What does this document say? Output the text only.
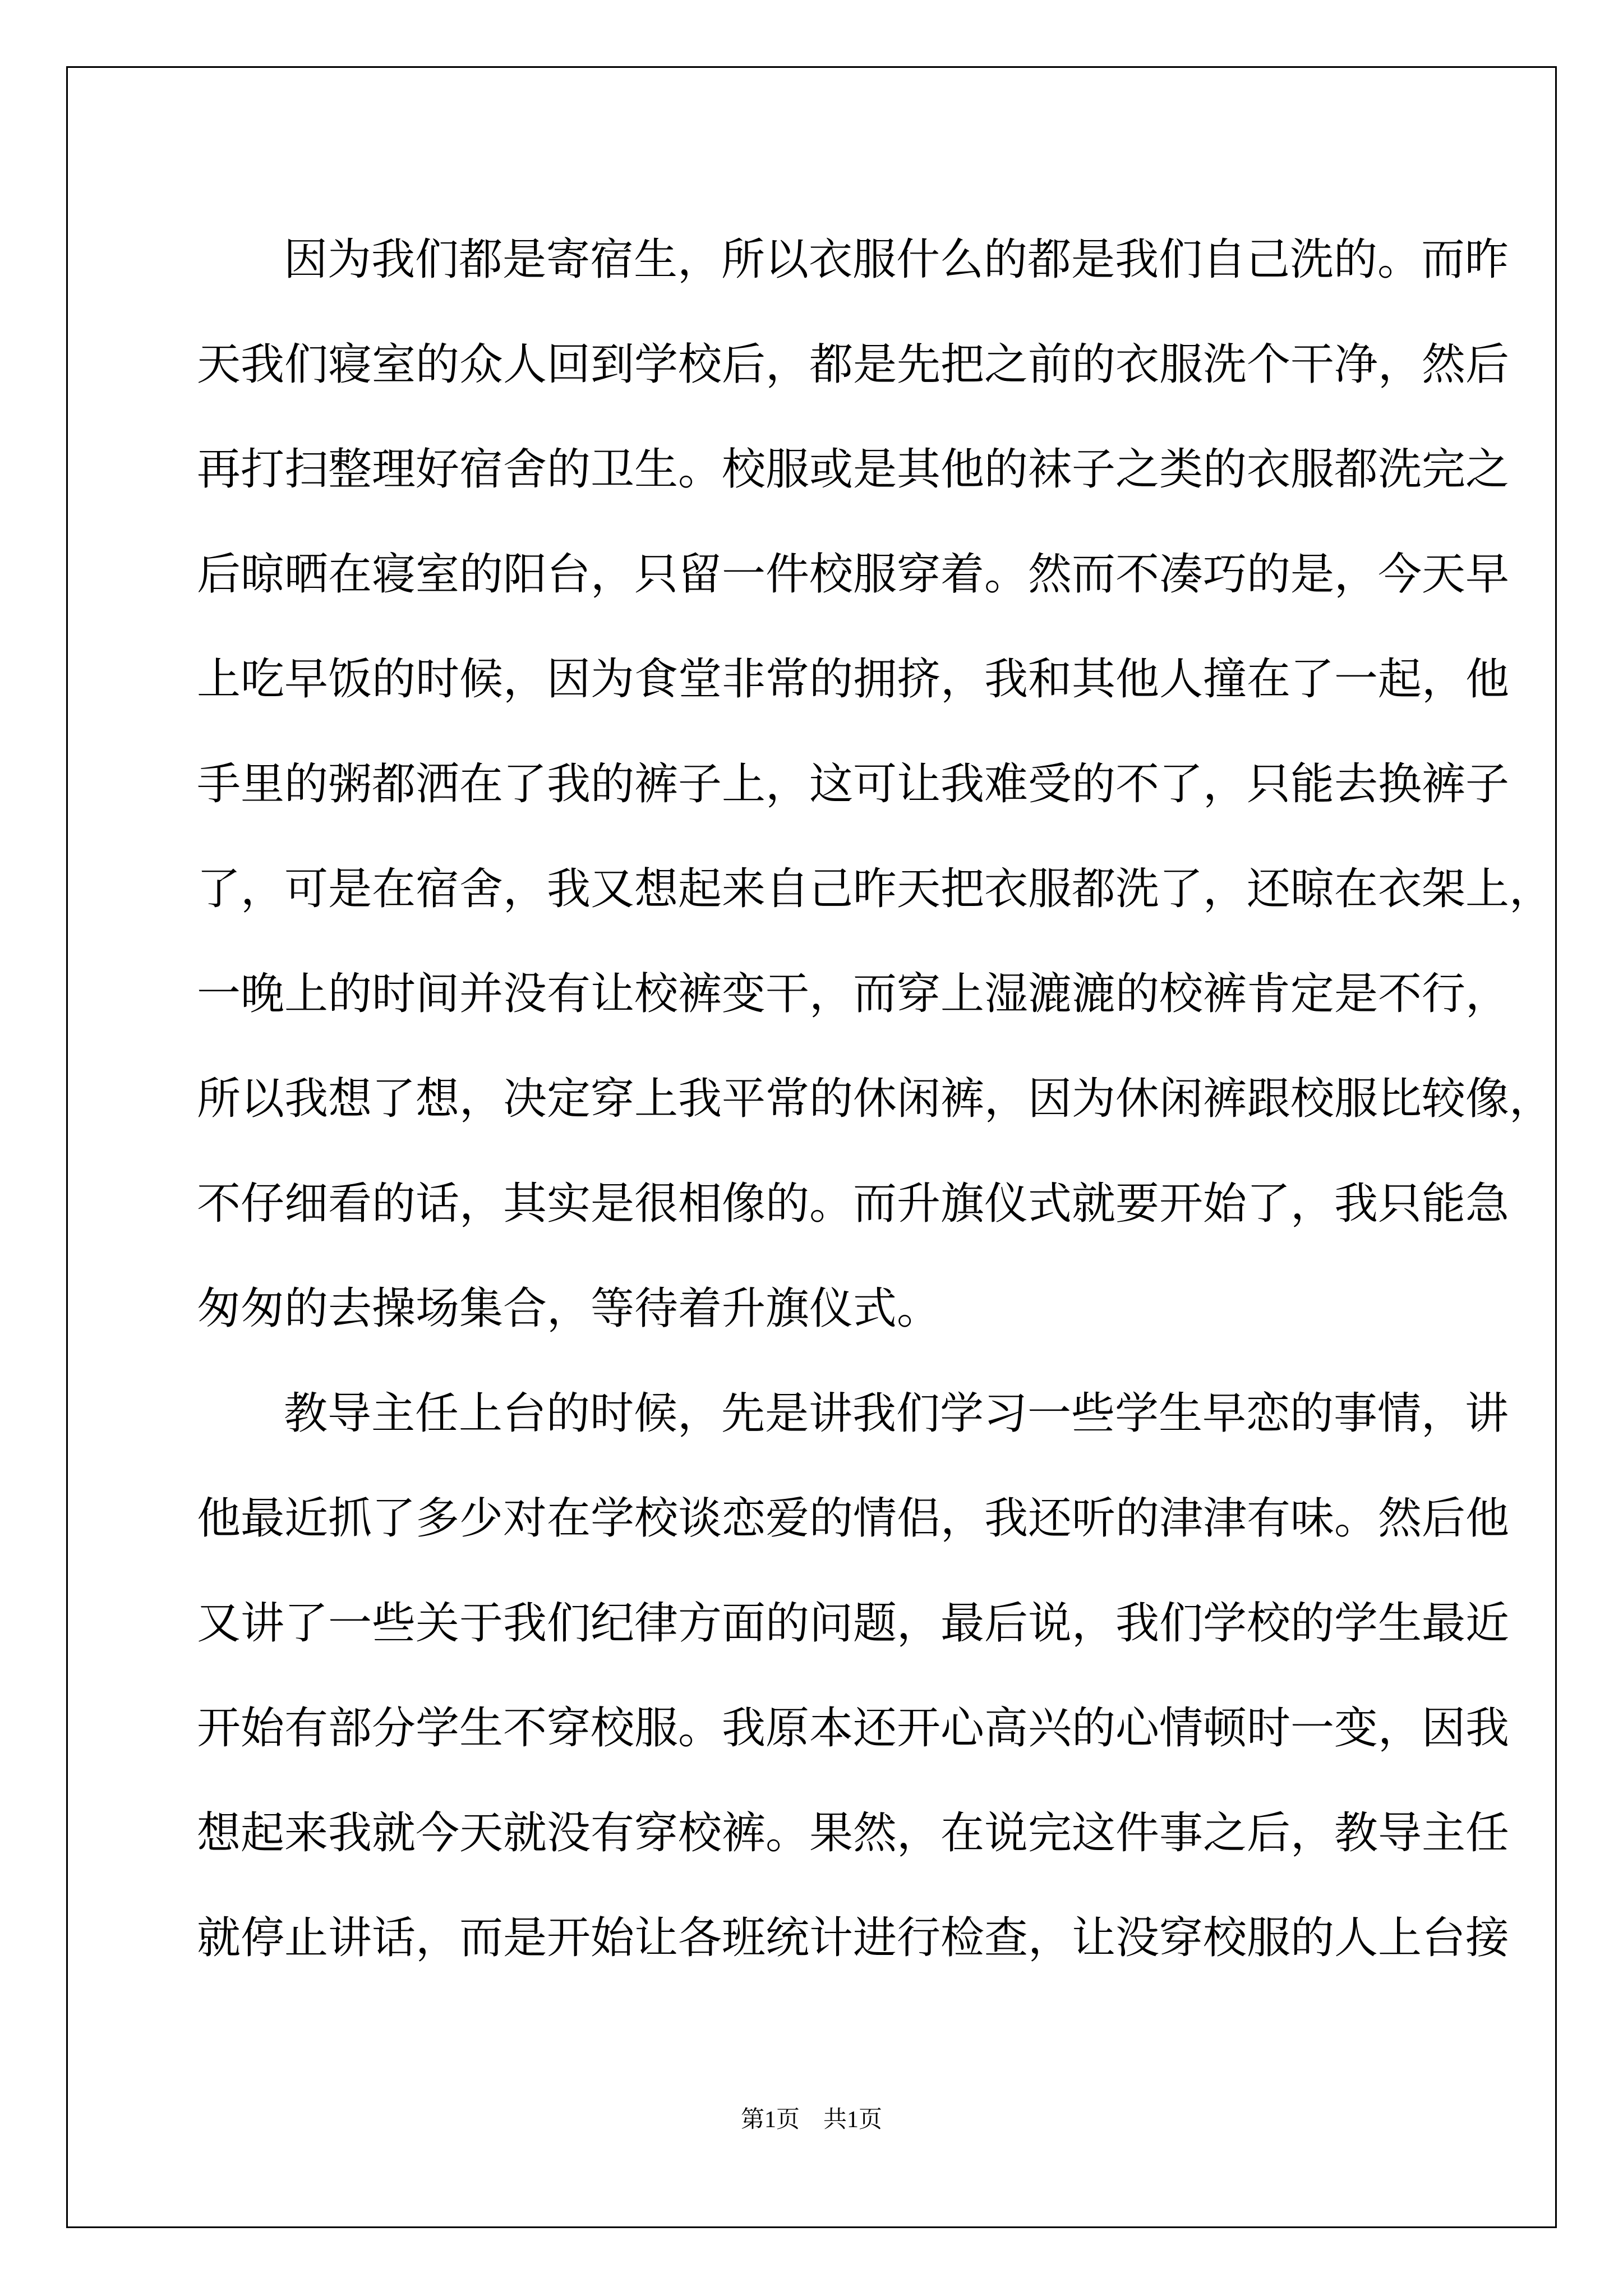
因为我们都是寄宿生，所以衣服什么的都是我们自己洗的。而昨
天我们寝室的众人回到学校后，都是先把之前的衣服洗个干净，然后
再打扫整理好宿舍的卫生。校服或是其他的袜子之类的衣服都洗完之
后晾晒在寝室的阳台，只留一件校服穿着。然而不凑巧的是，今天早
上吃早饭的时候，因为食堂非常的拥挤，我和其他人撞在了一起，他
手里的粥都洒在了我的裤子上，这可让我难受的不了，只能去换裤子
了，可是在宿舍，我又想起来自己昨天把衣服都洗了，还晾在衣架上，
一晚上的时间并没有让校裤变干，而穿上湿漉漉的校裤肯定是不行，
所以我想了想，决定穿上我平常的休闲裤，因为休闲裤跟校服比较像，
不仔细看的话，其实是很相像的。而升旗仪式就要开始了，我只能急
匆匆的去操场集合，等待着升旗仪式。
教导主任上台的时候，先是讲我们学习一些学生早恋的事情，讲
他最近抓了多少对在学校谈恋爱的情侣，我还听的津津有味。然后他
又讲了一些关于我们纪律方面的问题，最后说，我们学校的学生最近
开始有部分学生不穿校服。我原本还开心高兴的心情顿时一变，因我
想起来我就今天就没有穿校裤。果然，在说完这件事之后，教导主任
就停止讲话，而是开始让各班统计进行检查，让没穿校服的人上台接
第1页　共1页
